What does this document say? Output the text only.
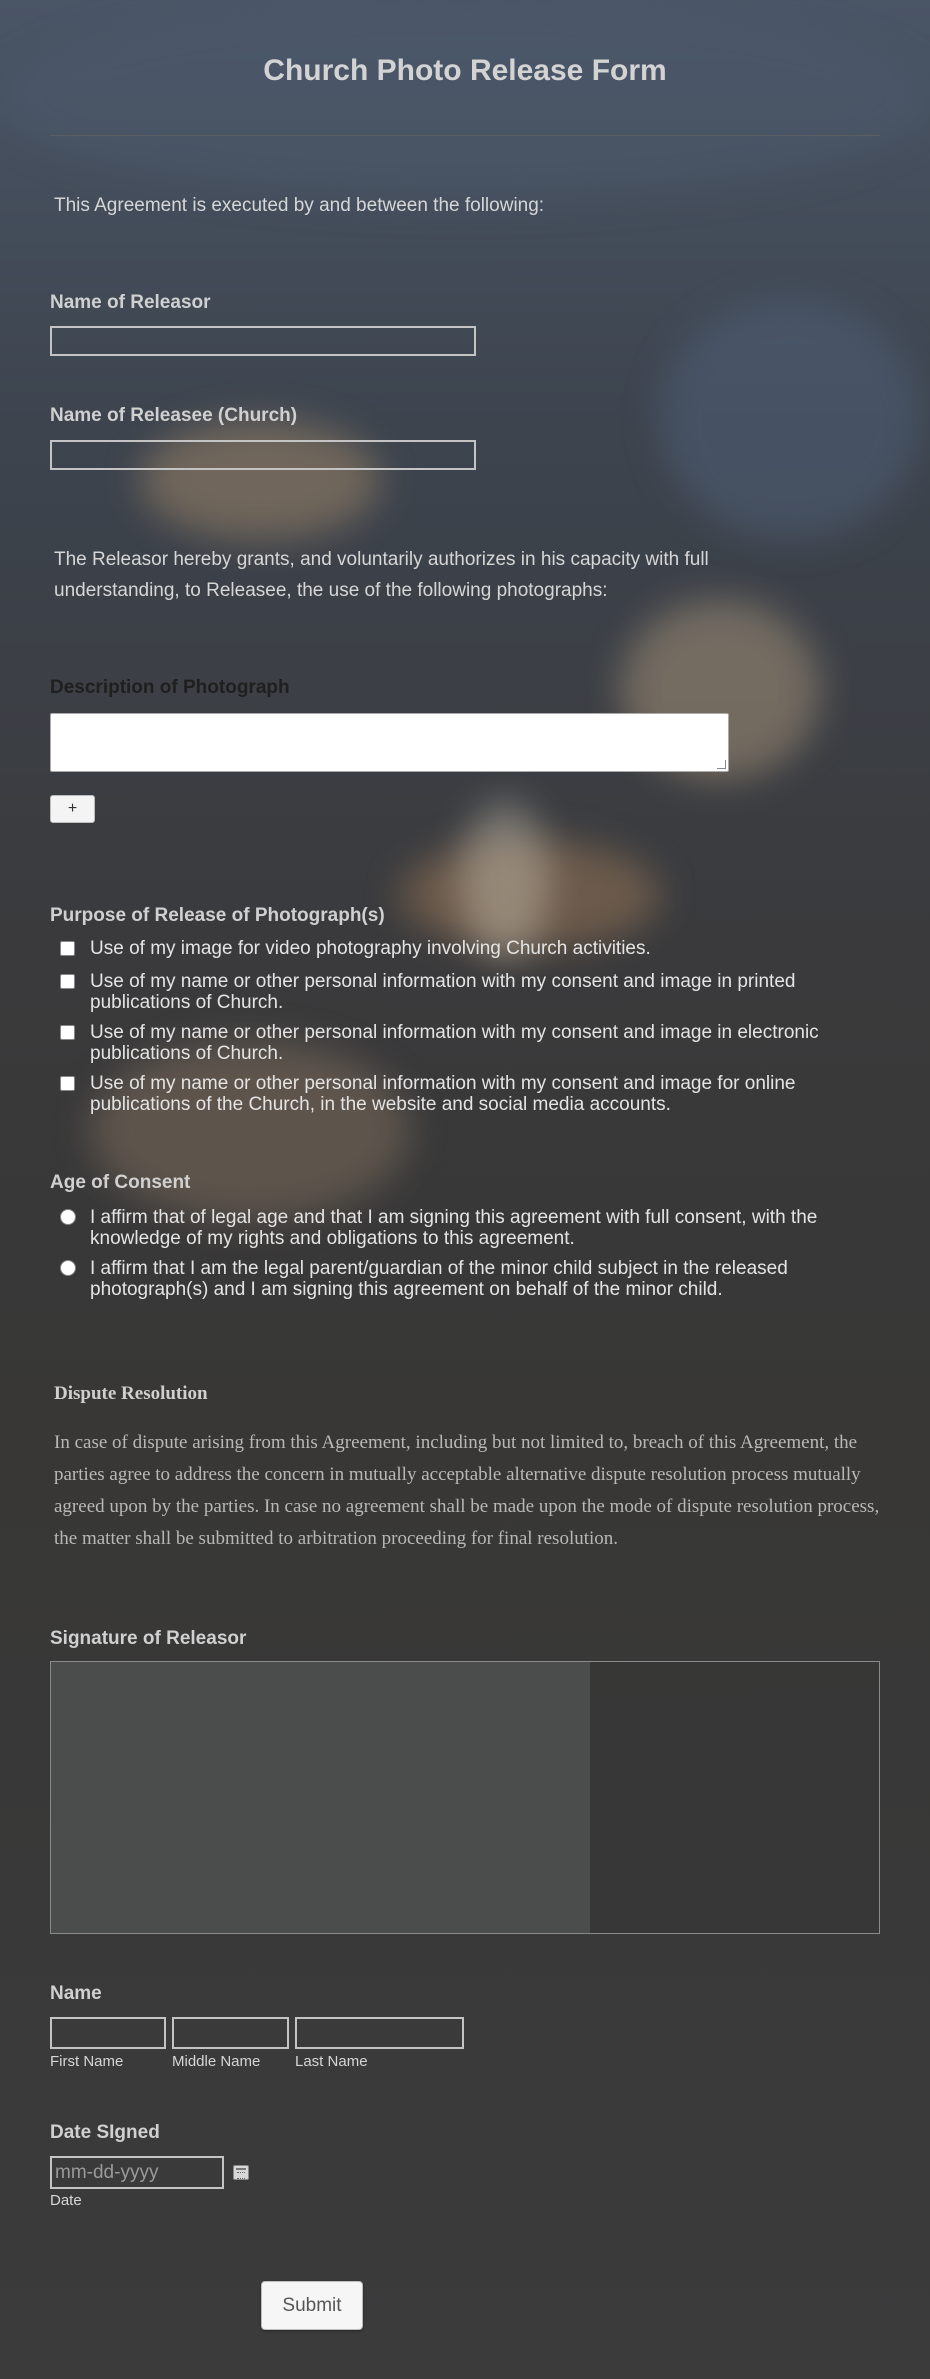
Church Photo Release Form
This Agreement is executed by and between the following:
Name of Releasor
Name of Releasee (Church)
The Releasor hereby grants, and voluntarily authorizes in his capacity with full
understanding, to Releasee, the use of the following photographs:
Description of Photograph
+
Purpose of Release of Photograph(s)
Use of my image for video photography involving Church activities.
Use of my name or other personal information with my consent and image in printed publications of Church.
Use of my name or other personal information with my consent and image in electronic publications of Church.
Use of my name or other personal information with my consent and image for online publications of the Church, in the website and social media accounts.
Age of Consent
I affirm that of legal age and that I am signing this agreement with full consent, with the knowledge of my rights and obligations to this agreement.
I affirm that I am the legal parent/guardian of the minor child subject in the released photograph(s) and I am signing this agreement on behalf of the minor child.
Dispute Resolution
In case of dispute arising from this Agreement, including but not limited to, breach of this Agreement, the parties agree to address the concern in mutually acceptable alternative dispute resolution process mutually agreed upon by the parties. In case no agreement shall be made upon the mode of dispute resolution process, the matter shall be submitted to arbitration proceeding for final resolution.
Signature of Releasor
Name
First Name	Middle Name Last Name
Date SIgned
mm-dd-yyyy
Date
Submit
